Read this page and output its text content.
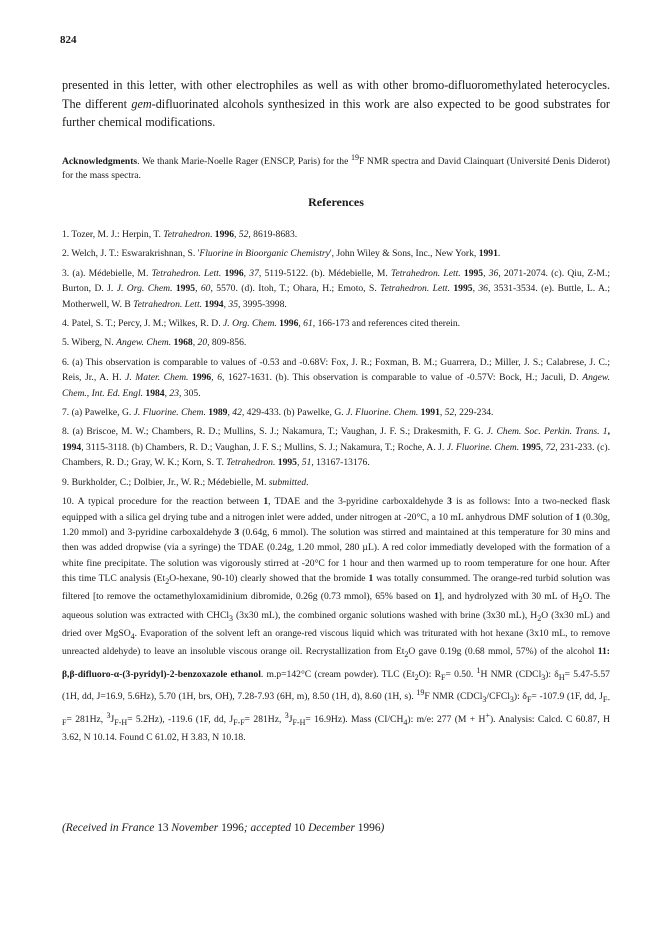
824

presented in this letter, with other electrophiles as well as with other bromo-difluoromethylated heterocycles. The different gem-difluorinated alcohols synthesized in this work are also expected to be good substrates for further chemical modifications.

Acknowledgments. We thank Marie-Noelle Rager (ENSCP, Paris) for the $^{19}$F NMR spectra and David Clainquart (Université Denis Diderot) for the mass spectra.

References
1. Tozer, M. J.: Herpin, T. Tetrahedron. 1996, 52, 8619-8683.
2. Welch, J. T.: Eswarakrishnan, S. 'Fluorine in Bioorganic Chemistry', John Wiley & Sons, Inc., New York, 1991.
3. (a). Médebielle, M. Tetrahedron. Lett. 1996, 37, 5119-5122. (b). Médebielle, M. Tetrahedron. Lett. 1995, 36, 2071-2074. (c). Qiu, Z-M.; Burton, D. J. J. Org. Chem. 1995, 60, 5570. (d). Itoh, T.; Ohara, H.; Emoto, S. Tetrahedron. Lett. 1995, 36, 3531-3534. (e). Buttle, L. A.; Motherwell, W. B Tetrahedron. Lett. 1994, 35, 3995-3998.
4. Patel, S. T.; Percy, J. M.; Wilkes, R. D. J. Org. Chem. 1996, 61, 166-173 and references cited therein.
5. Wiberg, N. Angew. Chem. 1968, 20, 809-856.
6. (a) This observation is comparable to values of -0.53 and -0.68V: Fox, J. R.; Foxman, B. M.; Guarrera, D.; Miller, J. S.; Calabrese, J. C.; Reis, Jr., A. H. J. Mater. Chem. 1996, 6, 1627-1631. (b). This observation is comparable to value of -0.57V: Bock, H.; Jaculi, D. Angew. Chem., Int. Ed. Engl. 1984, 23, 305.
7. (a) Pawelke, G. J. Fluorine. Chem. 1989, 42, 429-433. (b) Pawelke, G. J. Fluorine. Chem. 1991, 52, 229-234.
8. (a) Briscoe, M. W.; Chambers, R. D.; Mullins, S. J.; Nakamura, T.; Vaughan, J. F. S.; Drakesmith, F. G. J. Chem. Soc. Perkin. Trans. 1, 1994, 3115-3118. (b) Chambers, R. D.; Vaughan, J. F. S.; Mullins, S. J.; Nakamura, T.; Roche, A. J. J. Fluorine. Chem. 1995, 72, 231-233. (c). Chambers, R. D.; Gray, W. K.; Korn, S. T. Tetrahedron. 1995, 51, 13167-13176.
9. Burkholder, C.; Dolbier, Jr., W. R.; Médebielle, M. submitted.
10. A typical procedure for the reaction between 1, TDAE and the 3-pyridine carboxaldehyde 3 is as follows: Into a two-necked flask equipped with a silica gel drying tube and a nitrogen inlet were added, under nitrogen at -20°C, a 10 mL anhydrous DMF solution of 1 (0.30g, 1.20 mmol) and 3-pyridine carboxaldehyde 3 (0.64g, 6 mmol). The solution was stirred and maintained at this temperature for 30 mins and then was added dropwise (via a syringe) the TDAE (0.24g, 1.20 mmol, 280 µL). A red color immediatly developed with the formation of a white fine precipitate. The solution was vigorously stirred at -20°C for 1 hour and then warmed up to room temperature for one hour. After this time TLC analysis ($Et_2O$-hexane, 90-10) clearly showed that the bromide 1 was totally consummed. The orange-red turbid solution was filtered [to remove the octamethyloxamidinium dibromide, 0.26g (0.73 mmol), 65% based on 1], and hydrolyzed with 30 mL of $H_2O$. The aqueous solution was extracted with CHCl$_3$ (3x30 mL), the combined organic solutions washed with brine (3x30 mL), $H_2O$ (3x30 mL) and dried over MgSO$_4$. Evaporation of the solvent left an orange-red viscous liquid which was triturated with hot hexane (3x10 mL, to remove unreacted aldehyde) to leave an insoluble viscous orange oil. Recrystallization from $Et_2O$ gave 0.19g (0.68 mmol, 57%) of the alcohol 11: β,β-difluoro-α-(3-pyridyl)-2-benzoxazole ethanol. m.p=142°C (cream powder). TLC $(Et_2O)$: $R_F= 0.50$. $^1$H NMR (CDCl$_3$): $\delta_H= 5.47-5.57$ (1H, dd, J=16.9, 5.6Hz), 5.70 (1H, brs, OH), 7.28-7.93 (6H, m), 8.50 (1H, d), 8.60 (1H, s). $^{19}$F NMR (CDCl$_3$/CFCl$_3$): $\delta_F= -107.9$ (1F, dd, $J_{F-F}= 281Hz$, $^3J_{F-H}= 5.2Hz$), -119.6 (1F, dd, $J_{F-F}= 281Hz$, $^3J_{F-H}= 16.9Hz$). Mass $(CI/CH_4)$: m/e: 277 (M + H+). Analysis: Calcd. C 60.87, H 3.62, N 10.14. Found C 61.02, H 3.83, N 10.18.

(Received in France 13 November 1996; accepted 10 December 1996)
